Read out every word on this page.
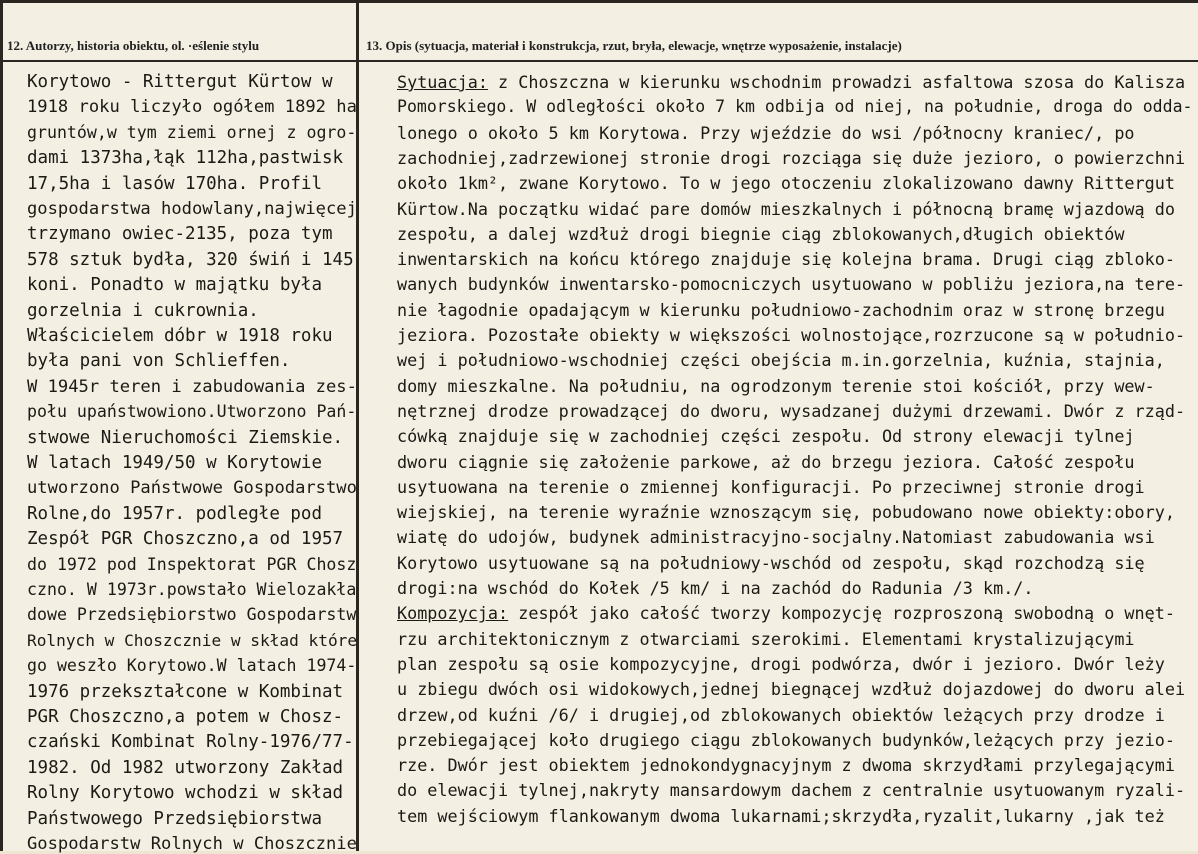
12. Autorzy, historia obiektu, ol. ·eślenie stylu	13. Opis (sytuacja, materiał i konstrukcja, rzut, bryła, elewacje, wnętrze wyposażenie, instalacje)
Korytowo - Rittergut Kürtow w
1918 roku liczyło ogółem 1892 ha
gruntów,w tym ziemi ornej z ogro-
dami 1373ha,łąk 112ha,pastwisk
17,5ha i lasów 170ha. Profil
gospodarstwa hodowlany,najwięcej
trzymano owiec-2135, poza tym
578 sztuk bydła, 320 świń i 145
koni. Ponadto w majątku była
gorzelnia i cukrownia.
Właścicielem dóbr w 1918 roku
była pani von Schlieffen.
W 1945r teren i zabudowania zes-
połu upaństwowiono.Utworzono Pań-
stwowe Nieruchomości Ziemskie.
W latach 1949/50 w Korytowie
utworzono Państwowe Gospodarstwo
Rolne,do 1957r. podległe pod
Zespół PGR Choszczno,a od 1957
do 1972 pod Inspektorat PGR Chosz
czno. W 1973r.powstało Wielozakła
dowe Przedsiębiorstwo Gospodarstw
Rolnych w Choszcznie w skład które
go weszło Korytowo.W latach 1974-
1976 przekształcone w Kombinat
PGR Choszczno,a potem w Chosz-
czański Kombinat Rolny-1976/77-
1982. Od 1982 utworzony Zakład
Rolny Korytowo wchodzi w skład
Państwowego Przedsiębiorstwa
Gospodarstw Rolnych w Choszcznie
Sytuacja: z Choszczna w kierunku wschodnim prowadzi asfaltowa szosa do Kalisza
Pomorskiego. W odległości około 7 km odbija od niej, na południe, droga do odda-
lonego o około 5 km Korytowa. Przy wjeździe do wsi /północny kraniec/, po
zachodniej,zadrzewionej stronie drogi rozciąga się duże jezioro, o powierzchni
około 1km², zwane Korytowo. To w jego otoczeniu zlokalizowano dawny Rittergut
Kürtow.Na początku widać pare domów mieszkalnych i północną bramę wjazdową do
zespołu, a dalej wzdłuż drogi biegnie ciąg zblokowanych,długich obiektów
inwentarskich na końcu którego znajduje się kolejna brama. Drugi ciąg zbloko-
wanych budynków inwentarsko-pomocniczych usytuowano w pobliżu jeziora,na tere-
nie łagodnie opadającym w kierunku południowo-zachodnim oraz w stronę brzegu
jeziora. Pozostałe obiekty w większości wolnostojące,rozrzucone są w południo-
wej i południowo-wschodniej części obejścia m.in.gorzelnia, kuźnia, stajnia,
domy mieszkalne. Na południu, na ogrodzonym terenie stoi kościół, przy wew-
nętrznej drodze prowadzącej do dworu, wysadzanej dużymi drzewami. Dwór z rząd-
cówką znajduje się w zachodniej części zespołu. Od strony elewacji tylnej
dworu ciągnie się założenie parkowe, aż do brzegu jeziora. Całość zespołu
usytuowana na terenie o zmiennej konfiguracji. Po przeciwnej stronie drogi
wiejskiej, na terenie wyraźnie wznoszącym się, pobudowano nowe obiekty:obory,
wiatę do udojów, budynek administracyjno-socjalny.Natomiast zabudowania wsi
Korytowo usytuowane są na południowy-wschód od zespołu, skąd rozchodzą się
drogi:na wschód do Kołek /5 km/ i na zachód do Radunia /3 km./.
Kompozycja: zespół jako całość tworzy kompozycję rozproszoną swobodną o wnęt-
rzu architektonicznym z otwarciami szerokimi. Elementami krystalizującymi
plan zespołu są osie kompozycyjne, drogi podwórza, dwór i jezioro. Dwór leży
u zbiegu dwóch osi widokowych,jednej biegnącej wzdłuż dojazdowej do dworu alei
drzew,od kuźni /6/ i drugiej,od zblokowanych obiektów leżących przy drodze i
przebiegającej koło drugiego ciągu zblokowanych budynków,leżących przy jezio-
rze. Dwór jest obiektem jednokondygnacyjnym z dwoma skrzydłami przylegającymi
do elewacji tylnej,nakryty mansardowym dachem z centralnie usytuowanym ryzali-
tem wejściowym flankowanym dwoma lukarnami;skrzydła,ryzalit,lukarny ,jak też
